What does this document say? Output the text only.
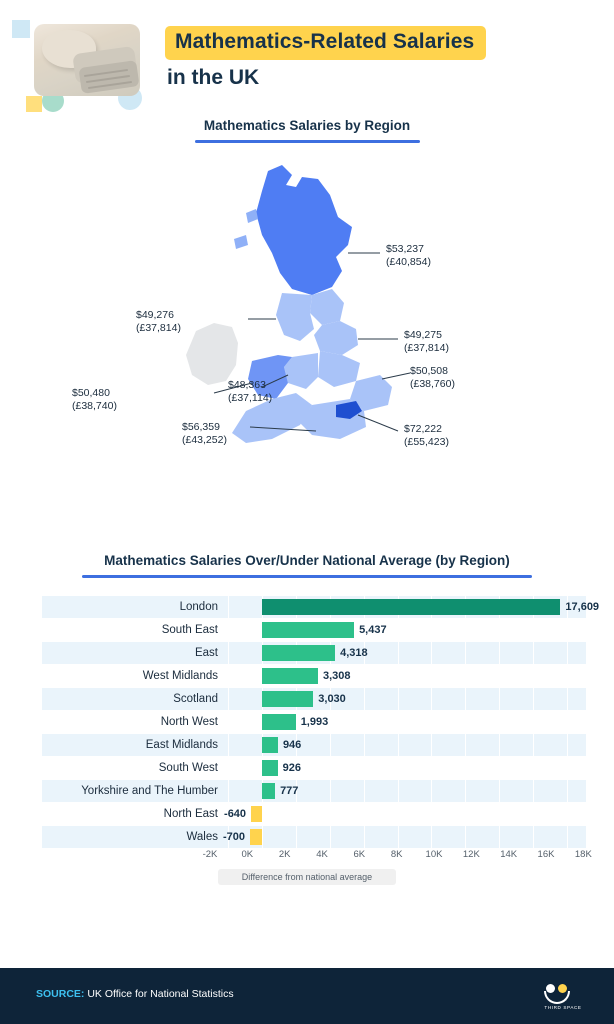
Mathematics-Related Salaries
in the UK
Mathematics Salaries by Region
$53,237
(£40,854)
$49,276
(£37,814)
$49,275
(£37,814)
$50,508
(£38,760)
$48,363
(£37,114)
$50,480
(£38,740)
$56,359
(£43,252)
$72,222
(£55,423)
Mathematics Salaries Over/Under National Average (by Region)
London	17,609
South East	5,437
East	4,318
West Midlands	3,308
Scotland	3,030
North West	1,993
East Midlands	946
South West	926
Yorkshire and The Humber	777
North East -640
Wales -700
-2K	0K	2K	4K	6K	8K 10K 12K 14K 16K 18K
Difference from national average
SOURCE: UK Office for National Statistics
THIRD SPACE
